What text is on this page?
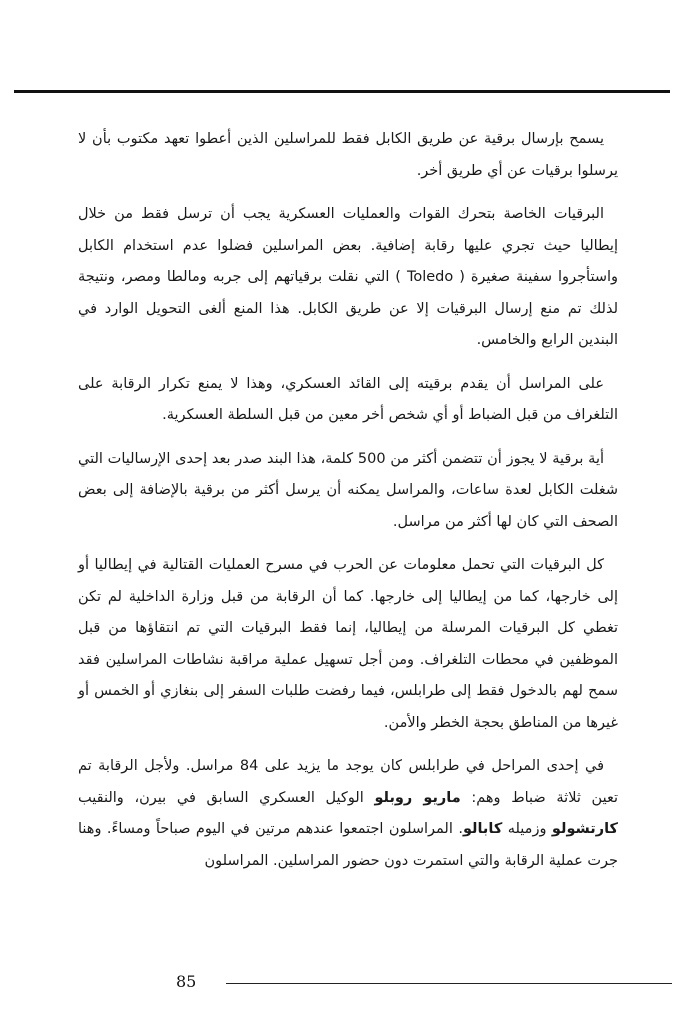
يسمح بإرسال برقية عن طريق الكابل فقط للمراسلين الذين أعطوا تعهد مكتوب بأن لا يرسلوا برقيات عن أي طريق أخر.

البرقيات الخاصة بتحرك القوات والعمليات العسكرية يجب أن ترسل فقط من خلال إيطاليا حيث تجري عليها رقابة إضافية. بعض المراسلين فضلوا عدم استخدام الكابل واستأجروا سفينة صغيرة ( Toledo ) التي نقلت برقياتهم إلى جربه ومالطا ومصر، ونتيجة لذلك تم منع إرسال البرقيات إلا عن طريق الكابل. هذا المنع ألغى التحويل الوارد في البندين الرابع والخامس.

على المراسل أن يقدم برقيته إلى القائد العسكري، وهذا لا يمنع تكرار الرقابة على التلغراف من قبل الضباط أو أي شخص أخر معين من قبل السلطة العسكرية.

أية برقية لا يجوز أن تتضمن أكثر من 500 كلمة، هذا البند صدر بعد إحدى الإرساليات التي شغلت الكابل لعدة ساعات، والمراسل يمكنه أن يرسل أكثر من برقية بالإضافة إلى بعض الصحف التي كان لها أكثر من مراسل.

كل البرقيات التي تحمل معلومات عن الحرب في مسرح العمليات القتالية في إيطاليا أو إلى خارجها، كما من إيطاليا إلى خارجها. كما أن الرقابة من قبل وزارة الداخلية لم تكن تغطي كل البرقيات المرسلة من إيطاليا، إنما فقط البرقيات التي تم انتقاؤها من قبل الموظفين في محطات التلغراف. ومن أجل تسهيل عملية مراقبة نشاطات المراسلين فقد سمح لهم بالدخول فقط إلى طرابلس، فيما رفضت طلبات السفر إلى بنغازي أو الخمس أو غيرها من المناطق بحجة الخطر والأمن.

في إحدى المراحل في طرابلس كان يوجد ما يزيد على 84 مراسل. ولأجل الرقابة تم تعين ثلاثة ضباط وهم: ماريو روبلو الوكيل العسكري السابق في بيرن، والنقيب كارتشولو وزميله كابالو. المراسلون اجتمعوا عندهم مرتين في اليوم صباحاً ومساءً. وهنا جرت عملية الرقابة والتي استمرت دون حضور المراسلين. المراسلون

85
